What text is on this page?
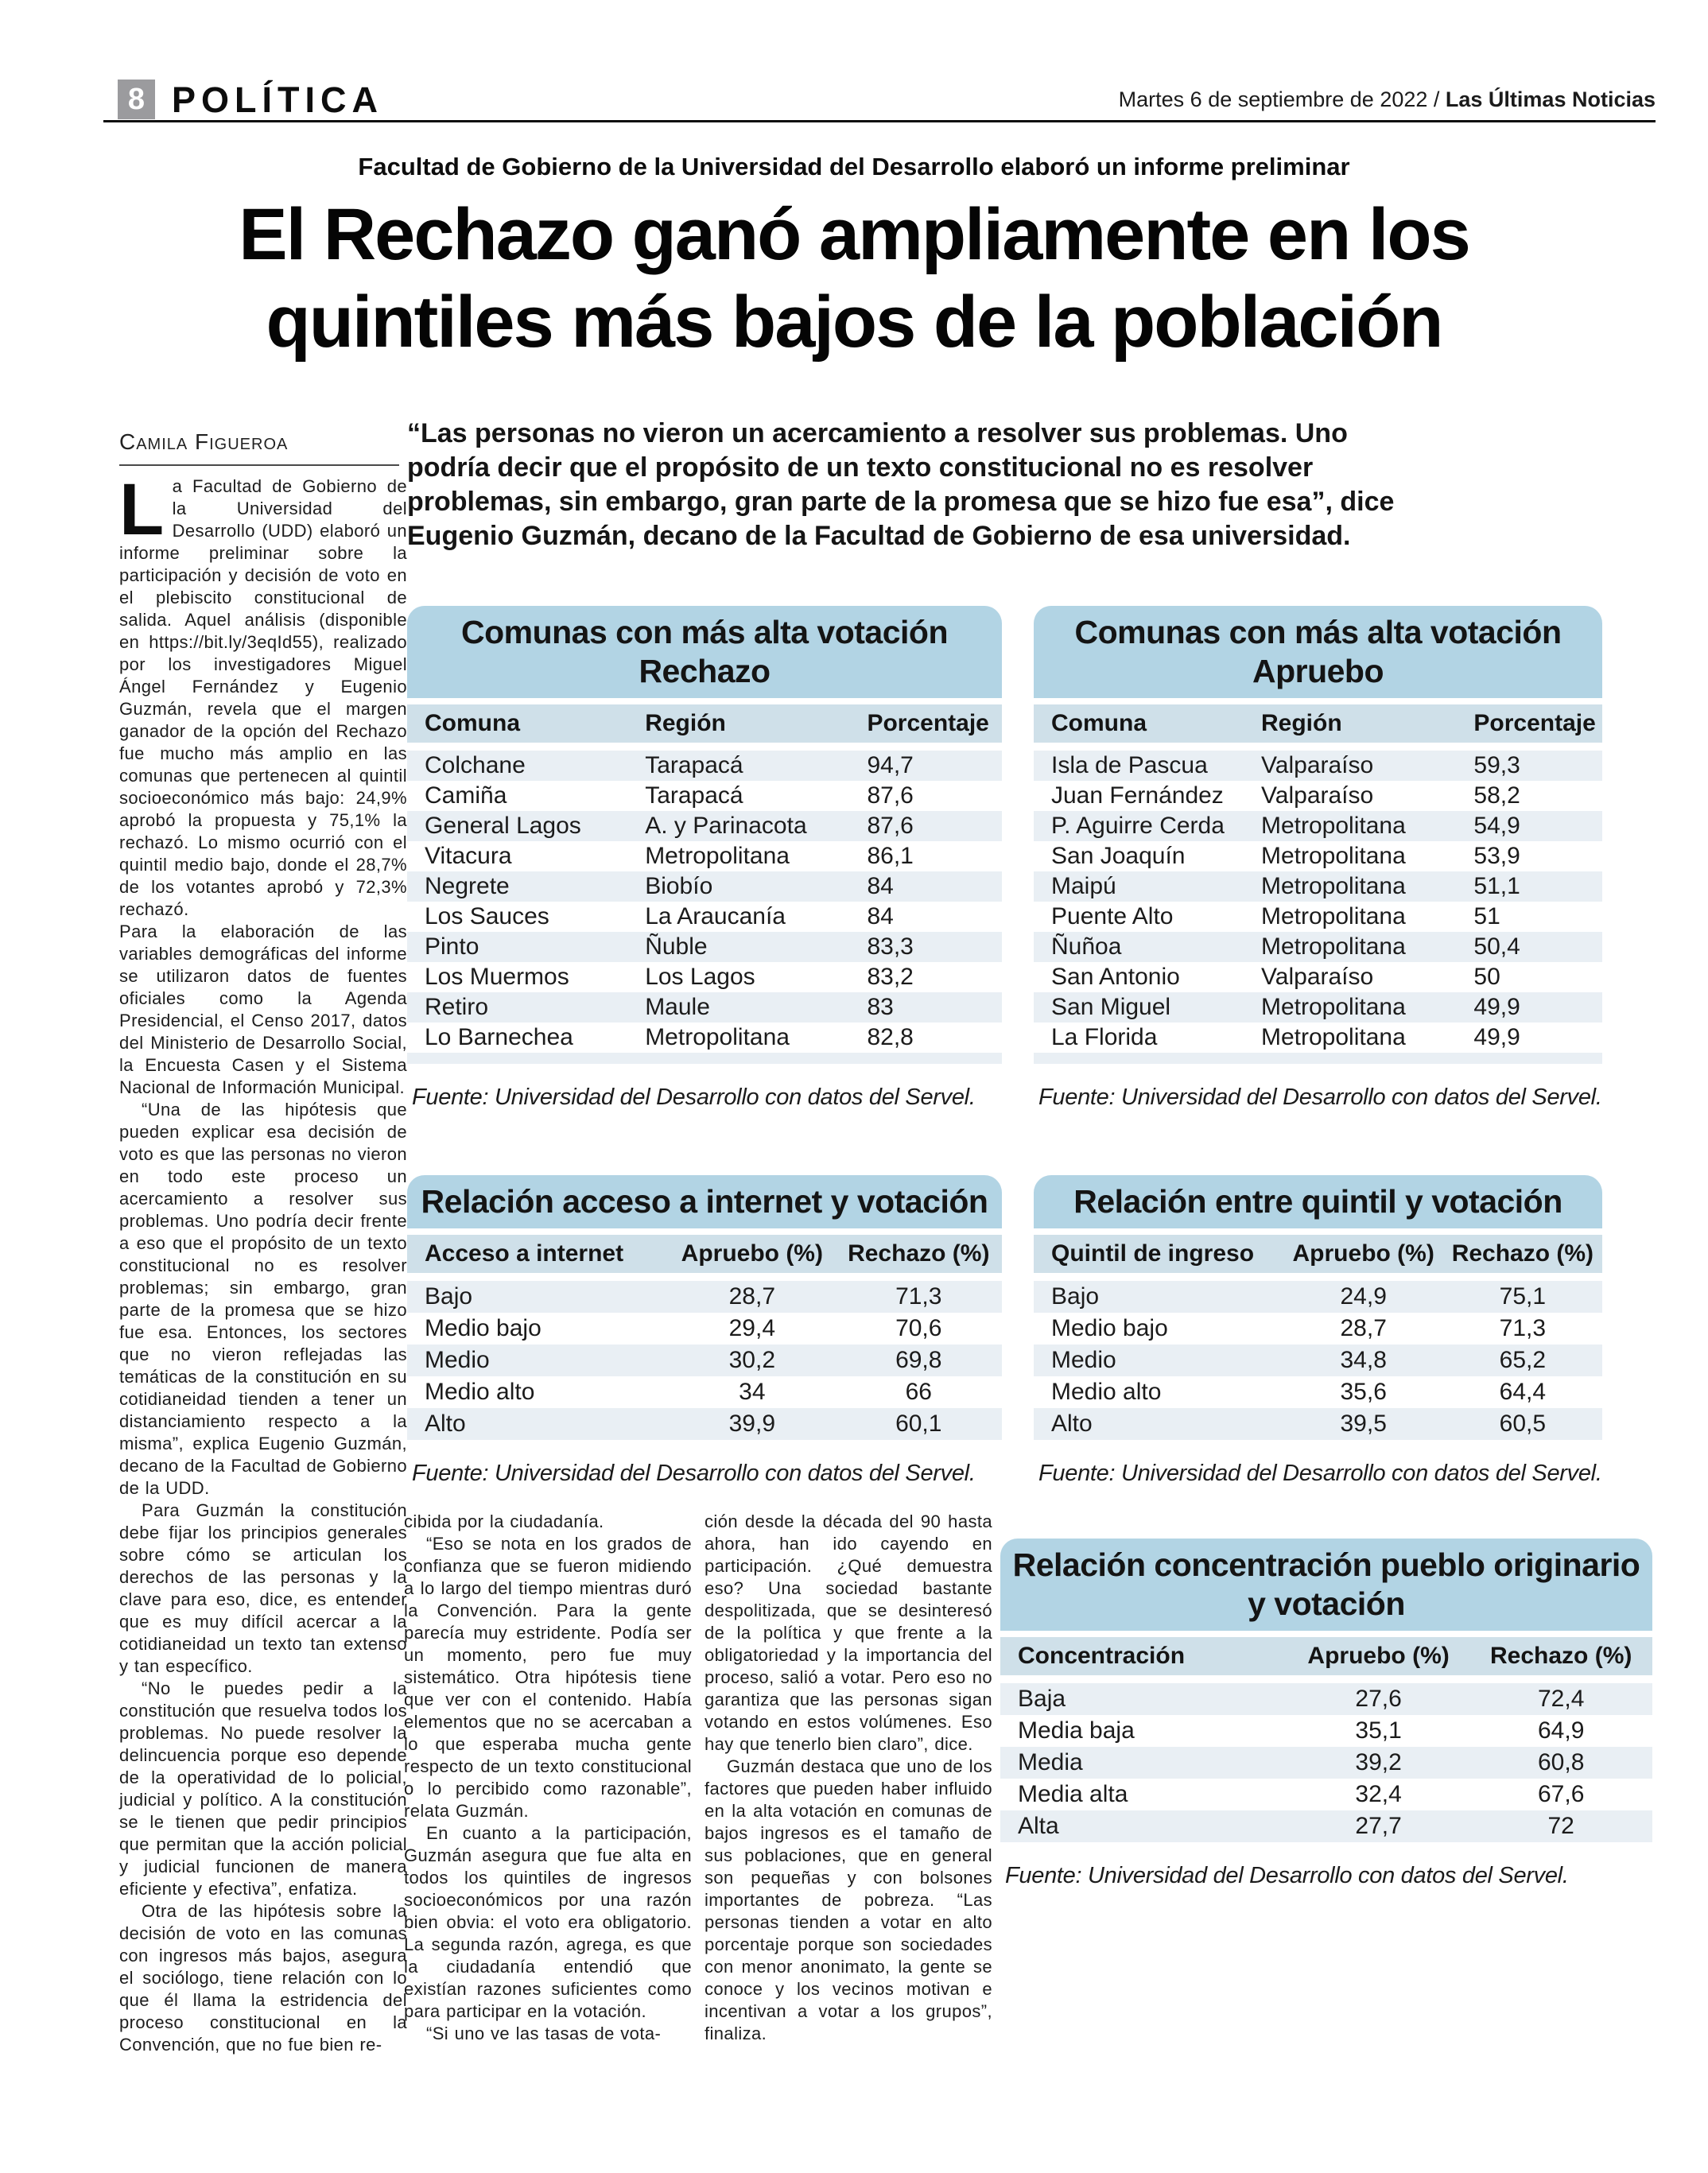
8 POLÍTICA	Martes 6 de septiembre de 2022 / Las Últimas Noticias
Facultad de Gobierno de la Universidad del Desarrollo elaboró un informe preliminar
El Rechazo ganó ampliamente en los
quintiles más bajos de la población
Camila Figueroa	“Las personas no vieron un acercamiento a resolver sus problemas. Uno podría decir que el propósito de un texto constitucional no es resolver problemas, sin embargo, gran parte de la promesa que se hizo fue esa”, dice Eugenio Guzmán, decano de la Facultad de Gobierno de esa universidad.

La Facultad de Gobierno de la Universidad del Desarrollo (UDD) elaboró un informe preliminar sobre la participación y decisión de voto en el plebiscito constitucional de salida. Aquel análisis (disponible en https://bit.ly/3eqId55), realizado por los investigadores Miguel Ángel Fernández y Eugenio Guzmán, revela que el margen ganador de la opción del Rechazo fue mucho más amplio en las comunas que pertenecen al quintil socioeconómico más bajo: 24,9% aprobó la propuesta y 75,1% la rechazó. Lo mismo ocurrió con el quintil medio bajo, donde el 28,7% de los votantes aprobó y 72,3% rechazó.

Para la elaboración de las variables demográficas del informe se utilizaron datos de fuentes oficiales como la Agenda Presidencial, el Censo 2017, datos del Ministerio de Desarrollo Social, la Encuesta Casen y el Sistema Nacional de Información Municipal.

“Una de las hipótesis que pueden explicar esa decisión de voto es que las personas no vieron en todo este proceso un acercamiento a resolver sus problemas. Uno podría decir frente a eso que el propósito de un texto constitucional no es resolver problemas; sin embargo, gran parte de la promesa que se hizo fue esa. Entonces, los sectores que no vieron reflejadas las temáticas de la constitución en su cotidianeidad tienden a tener un distanciamiento respecto a la misma”, explica Eugenio Guzmán, decano de la Facultad de Gobierno de la UDD.

Para Guzmán la constitución debe fijar los principios generales sobre cómo se articulan los derechos de las personas y la clave para eso, dice, es entender que es muy difícil acercar a la cotidianeidad un texto tan extenso y tan específico.

“No le puedes pedir a la constitución que resuelva todos los problemas. No puede resolver la delincuencia porque eso depende de la operatividad de lo policial, judicial y político. A la constitución se le tienen que pedir principios que permitan que la acción policial y judicial funcionen de manera eficiente y efectiva”, enfatiza.

Otra de las hipótesis sobre la decisión de voto en las comunas con ingresos más bajos, asegura el sociólogo, tiene relación con lo que él llama la estridencia del proceso constitucional en la Convención, que no fue bien re-

cibida por la ciudadanía.

“Eso se nota en los grados de confianza que se fueron midiendo a lo largo del tiempo mientras duró la Convención. Para la gente parecía muy estridente. Podía ser un momento, pero fue muy sistemático. Otra hipótesis tiene que ver con el contenido. Había elementos que no se acercaban a lo que esperaba mucha gente respecto de un texto constitucional o lo percibido como razonable”, relata Guzmán.

En cuanto a la participación, Guzmán asegura que fue alta en todos los quintiles de ingresos socioeconómicos por una razón bien obvia: el voto era obligatorio. La segunda razón, agrega, es que la ciudadanía entendió que existían razones suficientes como para participar en la votación.

“Si uno ve las tasas de vota-

ción desde la década del 90 hasta ahora, han ido cayendo en participación. ¿Qué demuestra eso? Una sociedad bastante despolitizada, que se desinteresó de la política y que frente a la obligatoriedad y la importancia del proceso, salió a votar. Pero eso no garantiza que las personas sigan votando en estos volúmenes. Eso hay que tenerlo bien claro”, dice.

Guzmán destaca que uno de los factores que pueden haber influido en la alta votación en comunas de bajos ingresos es el tamaño de sus poblaciones, que en general son pequeñas y con bolsones importantes de pobreza. “Las personas tienden a votar en alto porcentaje porque son sociedades con menor anonimato, la gente se conoce y los vecinos motivan e incentivan a votar a los grupos”, finaliza.

Comunas con más alta votación Rechazo
Comuna	Región	Porcentaje
Colchane	Tarapacá	94,7
Camiña	Tarapacá	87,6
General Lagos	A. y Parinacota	87,6
Vitacura	Metropolitana	86,1
Negrete	Biobío	84
Los Sauces	La Araucanía	84
Pinto	Ñuble	83,3
Los Muermos	Los Lagos	83,2
Retiro	Maule	83
Lo Barnechea	Metropolitana	82,8
Fuente: Universidad del Desarrollo con datos del Servel.
Comunas con más alta votación Apruebo
Comuna	Región	Porcentaje
Isla de Pascua	Valparaíso	59,3
Juan Fernández	Valparaíso	58,2
P. Aguirre Cerda	Metropolitana	54,9
San Joaquín	Metropolitana	53,9
Maipú	Metropolitana	51,1
Puente Alto	Metropolitana	51
Ñuñoa	Metropolitana	50,4
San Antonio	Valparaíso	50
San Miguel	Metropolitana	49,9
La Florida	Metropolitana	49,9
Fuente: Universidad del Desarrollo con datos del Servel.
Relación acceso a internet y votación
Acceso a internet	Apruebo (%)	Rechazo (%)
Bajo	28,7	71,3
Medio bajo	29,4	70,6
Medio	30,2	69,8
Medio alto	34	66
Alto	39,9	60,1
Fuente: Universidad del Desarrollo con datos del Servel.
Relación entre quintil y votación
Quintil de ingreso	Apruebo (%) Rechazo (%)
Bajo	24,9	75,1
Medio bajo	28,7	71,3
Medio	34,8	65,2
Medio alto	35,6	64,4
Alto	39,5	60,5
Fuente: Universidad del Desarrollo con datos del Servel.
Relación concentración pueblo originario y votación
Concentración	Apruebo (%)	Rechazo (%)
Baja	27,6	72,4
Media baja	35,1	64,9
Media	39,2	60,8
Media alta	32,4	67,6
Alta	27,7	72
Fuente: Universidad del Desarrollo con datos del Servel.
